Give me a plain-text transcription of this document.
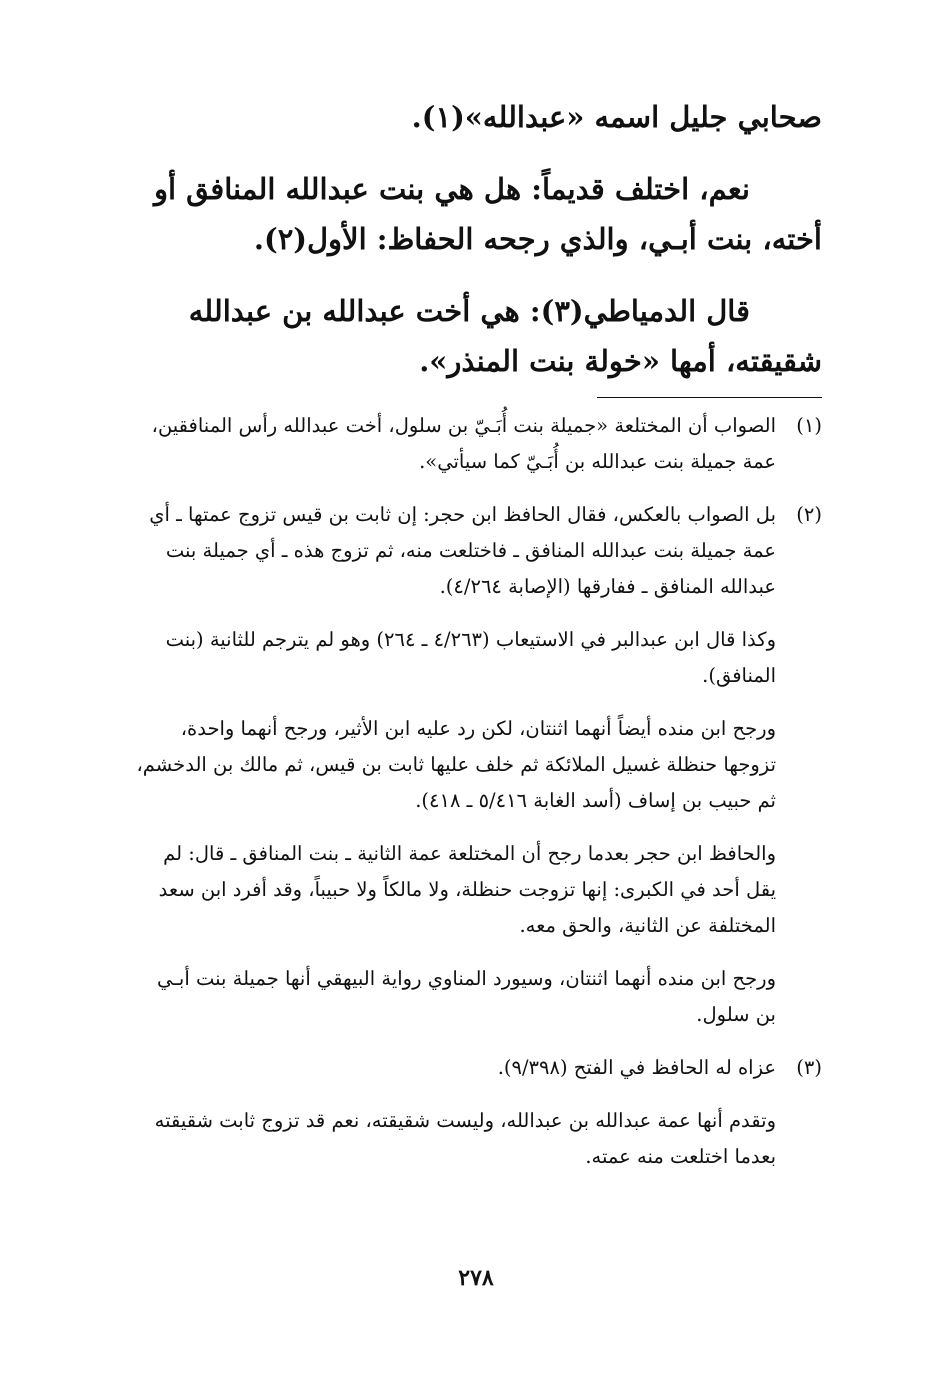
صحابي جليل اسمه «عبدالله»(١).

نعم، اختلف قديماً: هل هي بنت عبدالله المنافق أو أخته، بنت أبـي، والذي رجحه الحفاظ: الأول(٢).

قال الدمياطي(٣): هي أخت عبدالله بن عبدالله شقيقته، أمها «خولة بنت المنذر».

(١)
الصواب أن المختلعة «جميلة بنت أُبَـيّ بن سلول، أخت عبدالله رأس المنافقين، عمة جميلة بنت عبدالله بن أُبَـيّ كما سيأتي».
(٢)
بل الصواب بالعكس، فقال الحافظ ابن حجر: إن ثابت بن قيس تزوج عمتها ـ أي عمة جميلة بنت عبدالله المنافق ـ فاختلعت منه، ثم تزوج هذه ـ أي جميلة بنت عبدالله المنافق ـ ففارقها (الإصابة ٤/٢٦٤).
وكذا قال ابن عبدالبر في الاستيعاب (٤/٢٦٣ ـ ٢٦٤) وهو لم يترجم للثانية (بنت المنافق).
ورجح ابن منده أيضاً أنهما اثنتان، لكن رد عليه ابن الأثير، ورجح أنهما واحدة، تزوجها حنظلة غسيل الملائكة ثم خلف عليها ثابت بن قيس، ثم مالك بن الدخشم، ثم حبيب بن إساف (أسد الغابة ٥/٤١٦ ـ ٤١٨).
والحافظ ابن حجر بعدما رجح أن المختلعة عمة الثانية ـ بنت المنافق ـ قال: لم يقل أحد في الكبرى: إنها تزوجت حنظلة، ولا مالكاً ولا حبيباً، وقد أفرد ابن سعد المختلفة عن الثانية، والحق معه.
ورجح ابن منده أنهما اثنتان، وسيورد المناوي رواية البيهقي أنها جميلة بنت أبـي بن سلول.
(٣)
عزاه له الحافظ في الفتح (٩/٣٩٨).
وتقدم أنها عمة عبدالله بن عبدالله، وليست شقيقته، نعم قد تزوج ثابت شقيقته بعدما اختلعت منه عمته.
٢٧٨
